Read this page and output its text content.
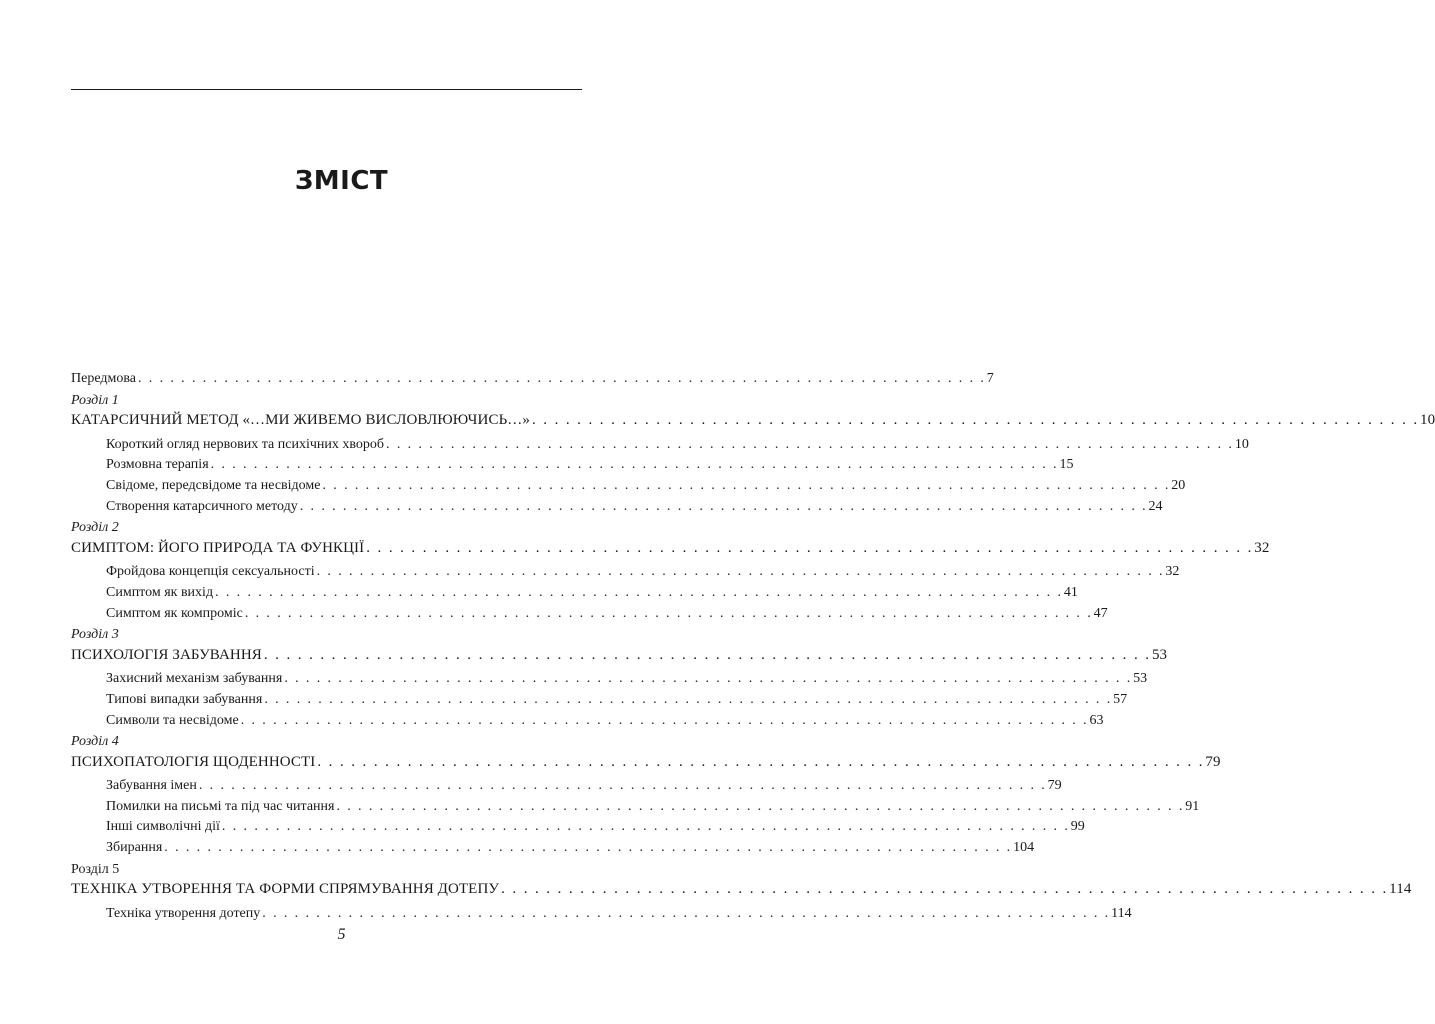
ЗМІСТ
Передмова . . . . . . . . . . . . . . . . . . . . . . . . . . . . . . . . . . . . . . . . . . . . . . . . . . . . . . . . . . . . . . . . . . . . . . . . . . . . . . . 7
Розділ 1
КАТАРСИЧНИЙ МЕТОД «…МИ ЖИВЕМО ВИСЛОВЛЮЮЧИСЬ…» . . . . . . . . . . . . . . . . . . . . . . . . . . . . . . . . . . . . . . . . . . . . . . . . . . . . . . . . . . . . . . . . . . . . . . . . . . . . . . . 10
Короткий огляд нервових та психічних хвороб . . . . . . . . . . . . . . . . . . . . . . . . . . . . . . . . . . . . . . . . . . . . . . . . . . . . . . . . . . . . . . . . . . . . . . . . . . . . . . . 10
Розмовна терапія . . . . . . . . . . . . . . . . . . . . . . . . . . . . . . . . . . . . . . . . . . . . . . . . . . . . . . . . . . . . . . . . . . . . . . . . . . . . . . . 15
Свідоме, передсвідоме та несвідоме . . . . . . . . . . . . . . . . . . . . . . . . . . . . . . . . . . . . . . . . . . . . . . . . . . . . . . . . . . . . . . . . . . . . . . . . . . . . . . . 20
Створення катарсичного методу . . . . . . . . . . . . . . . . . . . . . . . . . . . . . . . . . . . . . . . . . . . . . . . . . . . . . . . . . . . . . . . . . . . . . . . . . . . . . . . 24
Розділ 2
СИМПТОМ: ЙОГО ПРИРОДА ТА ФУНКЦІЇ . . . . . . . . . . . . . . . . . . . . . . . . . . . . . . . . . . . . . . . . . . . . . . . . . . . . . . . . . . . . . . . . . . . . . . . . . . . . . . . 32
Фройдова концепція сексуальності . . . . . . . . . . . . . . . . . . . . . . . . . . . . . . . . . . . . . . . . . . . . . . . . . . . . . . . . . . . . . . . . . . . . . . . . . . . . . . . 32
Симптом як вихід . . . . . . . . . . . . . . . . . . . . . . . . . . . . . . . . . . . . . . . . . . . . . . . . . . . . . . . . . . . . . . . . . . . . . . . . . . . . . . . 41
Симптом як компроміс . . . . . . . . . . . . . . . . . . . . . . . . . . . . . . . . . . . . . . . . . . . . . . . . . . . . . . . . . . . . . . . . . . . . . . . . . . . . . . . 47
Розділ 3
ПСИХОЛОГІЯ ЗАБУВАННЯ . . . . . . . . . . . . . . . . . . . . . . . . . . . . . . . . . . . . . . . . . . . . . . . . . . . . . . . . . . . . . . . . . . . . . . . . . . . . . . . 53
Захисний механізм забування . . . . . . . . . . . . . . . . . . . . . . . . . . . . . . . . . . . . . . . . . . . . . . . . . . . . . . . . . . . . . . . . . . . . . . . . . . . . . . . 53
Типові випадки забування . . . . . . . . . . . . . . . . . . . . . . . . . . . . . . . . . . . . . . . . . . . . . . . . . . . . . . . . . . . . . . . . . . . . . . . . . . . . . . . 57
Символи та несвідоме . . . . . . . . . . . . . . . . . . . . . . . . . . . . . . . . . . . . . . . . . . . . . . . . . . . . . . . . . . . . . . . . . . . . . . . . . . . . . . . 63
Розділ 4
ПСИХОПАТОЛОГІЯ ЩОДЕННОСТІ . . . . . . . . . . . . . . . . . . . . . . . . . . . . . . . . . . . . . . . . . . . . . . . . . . . . . . . . . . . . . . . . . . . . . . . . . . . . . . . 79
Забування імен . . . . . . . . . . . . . . . . . . . . . . . . . . . . . . . . . . . . . . . . . . . . . . . . . . . . . . . . . . . . . . . . . . . . . . . . . . . . . . . 79
Помилки на письмі та під час читання . . . . . . . . . . . . . . . . . . . . . . . . . . . . . . . . . . . . . . . . . . . . . . . . . . . . . . . . . . . . . . . . . . . . . . . . . . . . . . . 91
Інші символічні дії . . . . . . . . . . . . . . . . . . . . . . . . . . . . . . . . . . . . . . . . . . . . . . . . . . . . . . . . . . . . . . . . . . . . . . . . . . . . . . . 99
Збирання . . . . . . . . . . . . . . . . . . . . . . . . . . . . . . . . . . . . . . . . . . . . . . . . . . . . . . . . . . . . . . . . . . . . . . . . . . . . . . . 104
Розділ 5
ТЕХНІКА УТВОРЕННЯ ТА ФОРМИ СПРЯМУВАННЯ ДОТЕПУ . . . . . . . . . . . . . . . . . . . . . . . . . . . . . . . . . . . . . . . . . . . . . . . . . . . . . . . . . . . . . . . . . . . . . . . . . . . . . . . 114
Техніка утворення дотепу . . . . . . . . . . . . . . . . . . . . . . . . . . . . . . . . . . . . . . . . . . . . . . . . . . . . . . . . . . . . . . . . . . . . . . . . . . . . . . . 114
5
